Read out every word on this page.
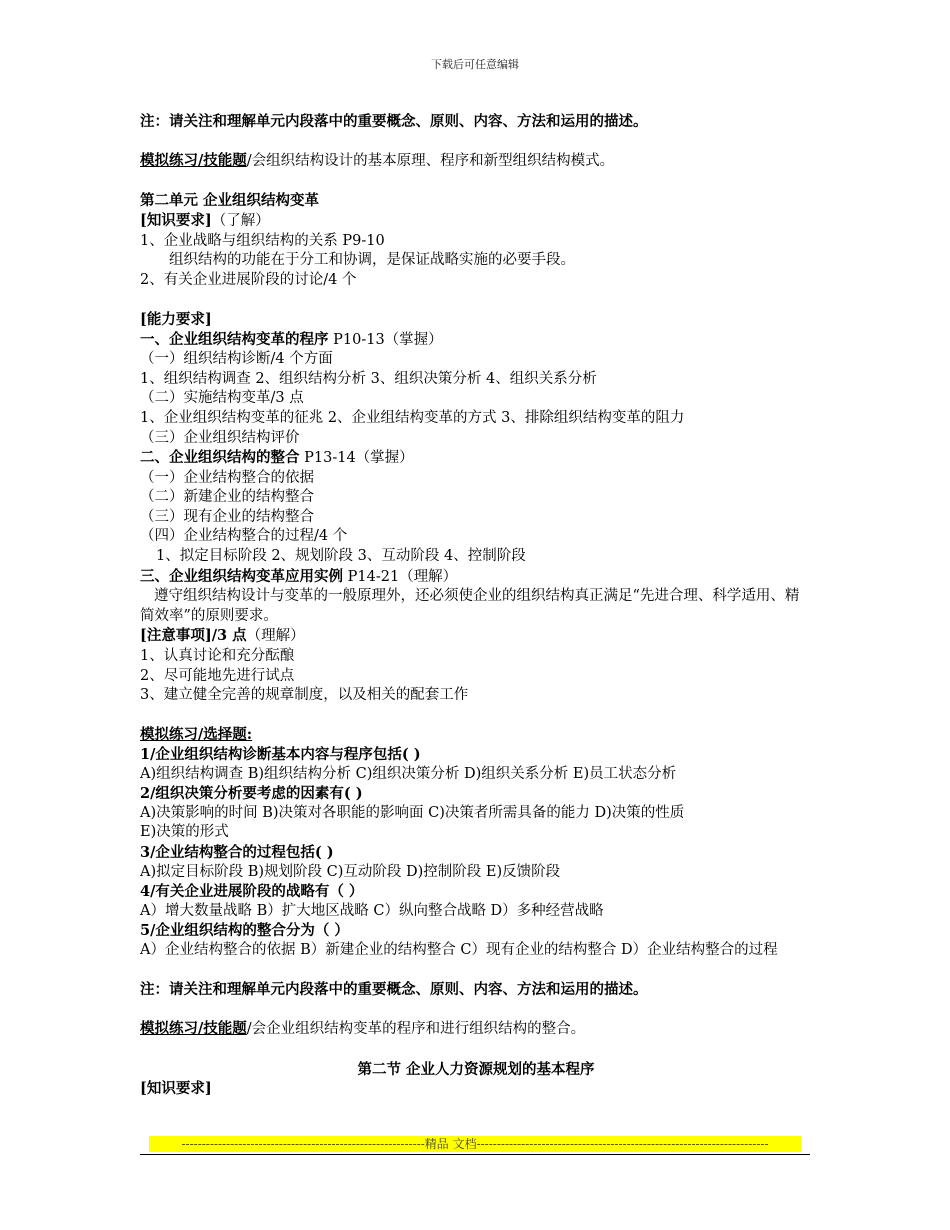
下载后可任意编辑

注：请关注和理解单元内段落中的重要概念、原则、内容、方法和运用的描述。

模拟练习/技能题/会组织结构设计的基本原理、程序和新型组织结构模式。

第二单元 企业组织结构变革

[知识要求]（了解）

1、企业战略与组织结构的关系 P9-10

组织结构的功能在于分工和协调，是保证战略实施的必要手段。

2、有关企业进展阶段的讨论/4 个

[能力要求]

一、企业组织结构变革的程序 P10-13（掌握）

（一）组织结构诊断/4 个方面

1、组织结构调查 2、组织结构分析 3、组织决策分析 4、组织关系分析

（二）实施结构变革/3 点

1、企业组织结构变革的征兆 2、企业组结构变革的方式 3、排除组织结构变革的阻力

（三）企业组织结构评价

二、企业组织结构的整合 P13-14（掌握）

（一）企业结构整合的依据

（二）新建企业的结构整合

（三）现有企业的结构整合

（四）企业结构整合的过程/4 个

1、拟定目标阶段 2、规划阶段 3、互动阶段 4、控制阶段

三、企业组织结构变革应用实例 P14-21（理解）

遵守组织结构设计与变革的一般原理外，还必须使企业的组织结构真正满足“先进合理、科学适用、精简效率”的原则要求。

[注意事项]/3 点（理解）

1、认真讨论和充分酝酿

2、尽可能地先进行试点

3、建立健全完善的规章制度，以及相关的配套工作

模拟练习/选择题:

1/企业组织结构诊断基本内容与程序包括( )

A)组织结构调查 B)组织结构分析 C)组织决策分析 D)组织关系分析 E)员工状态分析

2/组织决策分析要考虑的因素有( )

A)决策影响的时间 B)决策对各职能的影响面 C)决策者所需具备的能力 D)决策的性质

E)决策的形式

3/企业结构整合的过程包括( )

A)拟定目标阶段 B)规划阶段 C)互动阶段 D)控制阶段 E)反馈阶段

4/有关企业进展阶段的战略有（ ）

A）增大数量战略 B）扩大地区战略 C）纵向整合战略 D）多种经营战略

5/企业组织结构的整合分为（ ）

A）企业结构整合的依据 B）新建企业的结构整合 C）现有企业的结构整合 D）企业结构整合的过程

注：请关注和理解单元内段落中的重要概念、原则、内容、方法和运用的描述。

模拟练习/技能题/会企业组织结构变革的程序和进行组织结构的整合。

第二节 企业人力资源规划的基本程序

[知识要求]

------------------------------------------------------------精品 文档------------------------------------------------------------------------
